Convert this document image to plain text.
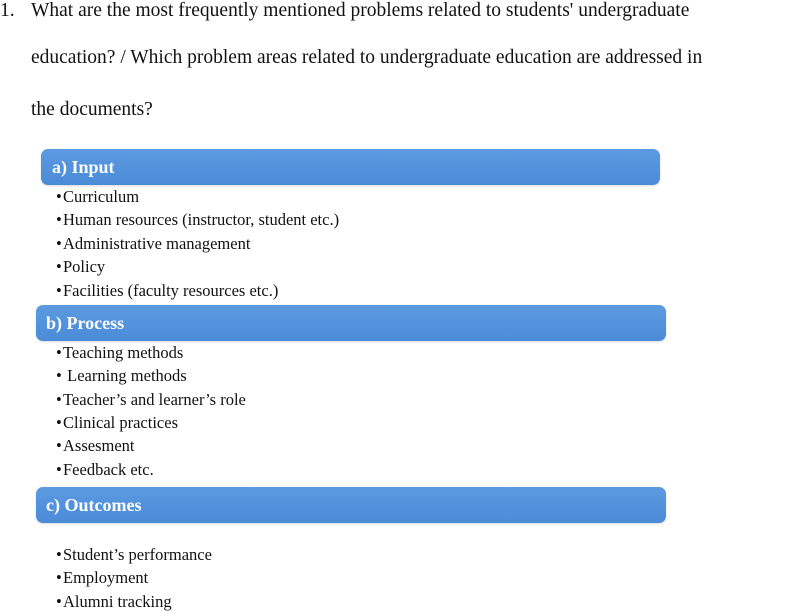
1. What are the most frequently mentioned problems related to students' undergraduate
education? / Which problem areas related to undergraduate education are addressed in
the documents?
a) Input
•Curriculum
•Human resources (instructor, student etc.)
•Administrative management
•Policy
•Facilities (faculty resources etc.)
b) Process
•Teaching methods
• Learning methods
•Teacher’s and learner’s role
•Clinical practices
•Assesment
•Feedback etc.
c) Outcomes
•Student’s performance
•Employment
•Alumni tracking
